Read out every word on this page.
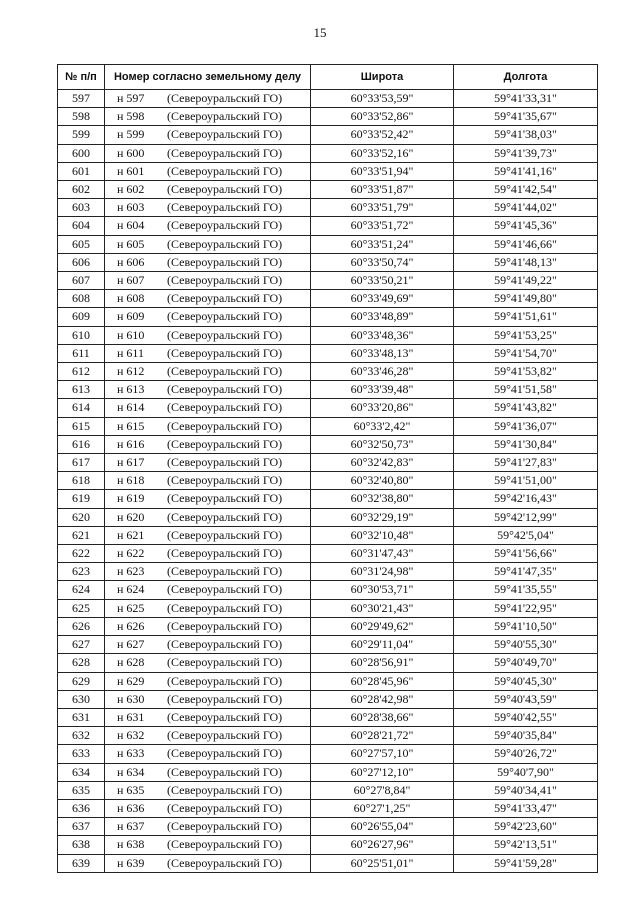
15
№ п/п	Номер согласно земельному делу	Широта	Долгота
597	н 597 (Североуральский ГО)	60°33'53,59"	59°41'33,31"
598	н 598 (Североуральский ГО)	60°33'52,86"	59°41'35,67"
599	н 599 (Североуральский ГО)	60°33'52,42"	59°41'38,03"
600	н 600 (Североуральский ГО)	60°33'52,16"	59°41'39,73"
601	н 601 (Североуральский ГО)	60°33'51,94"	59°41'41,16"
602	н 602 (Североуральский ГО)	60°33'51,87"	59°41'42,54"
603	н 603 (Североуральский ГО)	60°33'51,79"	59°41'44,02"
604	н 604 (Североуральский ГО)	60°33'51,72"	59°41'45,36"
605	н 605 (Североуральский ГО)	60°33'51,24"	59°41'46,66"
606	н 606 (Североуральский ГО)	60°33'50,74"	59°41'48,13"
607	н 607 (Североуральский ГО)	60°33'50,21"	59°41'49,22"
608	н 608 (Североуральский ГО)	60°33'49,69"	59°41'49,80"
609	н 609 (Североуральский ГО)	60°33'48,89"	59°41'51,61"
610	н 610 (Североуральский ГО)	60°33'48,36"	59°41'53,25"
611	н 611 (Североуральский ГО)	60°33'48,13"	59°41'54,70"
612	н 612 (Североуральский ГО)	60°33'46,28"	59°41'53,82"
613	н 613 (Североуральский ГО)	60°33'39,48"	59°41'51,58"
614	н 614 (Североуральский ГО)	60°33'20,86"	59°41'43,82"
615	н 615 (Североуральский ГО)	60°33'2,42"	59°41'36,07"
616	н 616 (Североуральский ГО)	60°32'50,73"	59°41'30,84"
617	н 617 (Североуральский ГО)	60°32'42,83"	59°41'27,83"
618	н 618 (Североуральский ГО)	60°32'40,80"	59°41'51,00"
619	н 619 (Североуральский ГО)	60°32'38,80"	59°42'16,43"
620	н 620 (Североуральский ГО)	60°32'29,19"	59°42'12,99"
621	н 621 (Североуральский ГО)	60°32'10,48"	59°42'5,04"
622	н 622 (Североуральский ГО)	60°31'47,43"	59°41'56,66"
623	н 623 (Североуральский ГО)	60°31'24,98"	59°41'47,35"
624	н 624 (Североуральский ГО)	60°30'53,71"	59°41'35,55"
625	н 625 (Североуральский ГО)	60°30'21,43"	59°41'22,95"
626	н 626 (Североуральский ГО)	60°29'49,62"	59°41'10,50"
627	н 627 (Североуральский ГО)	60°29'11,04"	59°40'55,30"
628	н 628 (Североуральский ГО)	60°28'56,91"	59°40'49,70"
629	н 629 (Североуральский ГО)	60°28'45,96"	59°40'45,30"
630	н 630 (Североуральский ГО)	60°28'42,98"	59°40'43,59"
631	н 631 (Североуральский ГО)	60°28'38,66"	59°40'42,55"
632	н 632 (Североуральский ГО)	60°28'21,72"	59°40'35,84"
633	н 633 (Североуральский ГО)	60°27'57,10"	59°40'26,72"
634	н 634 (Североуральский ГО)	60°27'12,10"	59°40'7,90"
635	н 635 (Североуральский ГО)	60°27'8,84"	59°40'34,41"
636	н 636 (Североуральский ГО)	60°27'1,25"	59°41'33,47"
637	н 637 (Североуральский ГО)	60°26'55,04"	59°42'23,60"
638	н 638 (Североуральский ГО)	60°26'27,96"	59°42'13,51"
639	н 639 (Североуральский ГО)	60°25'51,01"	59°41'59,28"
